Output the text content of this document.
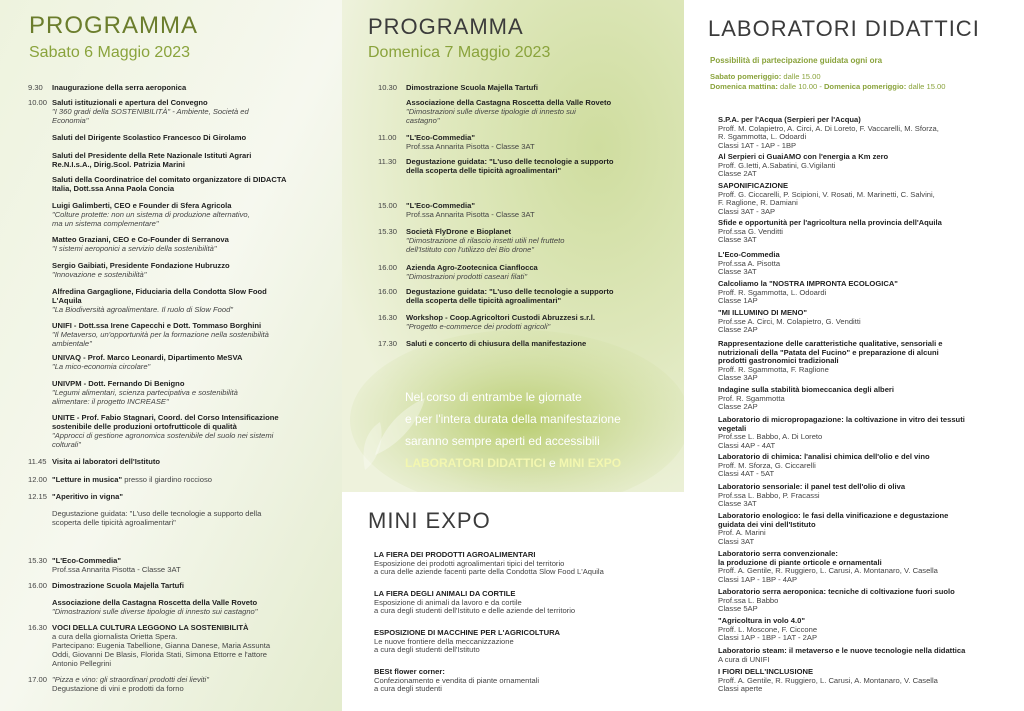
PROGRAMMA

Sabato 6 Maggio 2023

9.30 Inaugurazione della serra aeroponica
10.00 Saluti istituzionali e apertura del Convegno
"I 360 gradi della SOSTENIBILITÀ" - Ambiente, Società ed
Economia"
Saluti del Dirigente Scolastico Francesco Di Girolamo
Saluti del Presidente della Rete Nazionale Istituti Agrari
Re.N.I.s.A., Dirig.Scol. Patrizia Marini
Saluti della Coordinatrice del comitato organizzatore di DIDACTA
Italia, Dott.ssa Anna Paola Concia
Luigi Galimberti, CEO e Founder di Sfera Agricola
"Colture protette: non un sistema di produzione alternativo,
ma un sistema complementare"
Matteo Graziani, CEO e Co-Founder di Serranova
"I sistemi aeroponici a servizio della sostenibilità"
Sergio Gaibiati, Presidente Fondazione Hubruzzo
"Innovazione e sostenibilità"
Alfredina Gargaglione, Fiduciaria della Condotta Slow Food
L'Aquila
"La Biodiversità agroalimentare. Il ruolo di Slow Food"
UNIFI - Dott.ssa Irene Capecchi e Dott. Tommaso Borghini
"Il Metaverso, un'opportunità per la formazione nella sostenibilità
ambientale"
UNIVAQ - Prof. Marco Leonardi, Dipartimento MeSVA
"La mico-economia circolare"
UNIVPM - Dott. Fernando Di Benigno
"Legumi alimentari, scienza partecipativa e sostenibilità
alimentare: il progetto INCREASE"
UNITE - Prof. Fabio Stagnari, Coord. del Corso Intensificazione
sostenibile delle produzioni ortofrutticole di qualità
"Approcci di gestione agronomica sostenibile del suolo nei sistemi
colturali"
11.45 Visita ai laboratori dell'Istituto
12.00 "Letture in musica" presso il giardino roccioso
12.15 "Aperitivo in vigna"
Degustazione guidata: "L'uso delle tecnologie a supporto della
scoperta delle tipicità agroalimentari"
15.30 "L'Eco-Commedia"
Prof.ssa Annarita Pisotta - Classe 3AT
16.00 Dimostrazione Scuola Majella Tartufi
Associazione della Castagna Roscetta della Valle Roveto
"Dimostrazioni sulle diverse tipologie di innesto sui castagno"
16.30 VOCI DELLA CULTURA LEGGONO LA SOSTENIBILITÀ
a cura della giornalista Orietta Spera.
Partecipano: Eugenia Tabellione, Gianna Danese, Maria Assunta
Oddi, Giovanni De Blasis, Florida Stati, Simona Ettorre e l'attore
Antonio Pellegrini
17.00 "Pizza e vino: gli straordinari prodotti dei lieviti"
Degustazione di vini e prodotti da forno
PROGRAMMA

Domenica 7 Maggio 2023

10.30 Dimostrazione Scuola Majella Tartufi
Associazione della Castagna Roscetta della Valle Roveto
"Dimostrazioni sulle diverse tipologie di innesto sui
castagno"
11.00 "L'Eco-Commedia"
Prof.ssa Annarita Pisotta - Classe 3AT
11.30 Degustazione guidata: "L'uso delle tecnologie a supporto
della scoperta delle tipicità agroalimentari"
15.00 "L'Eco-Commedia"
Prof.ssa Annarita Pisotta - Classe 3AT
15.30 Società FlyDrone e Bioplanet
"Dimostrazione di rilascio insetti utili nel frutteto
dell'Istituto con l'utilizzo dei Bio drone"
16.00 Azienda Agro-Zootecnica Cianflocca
"Dimostrazioni prodotti caseari filati"
16.00 Degustazione guidata: "L'uso delle tecnologie a supporto
della scoperta delle tipicità agroalimentari"
16.30 Workshop - Coop.Agricoltori Custodi Abruzzesi s.r.l.
"Progetto e-commerce dei prodotti agricoli"
17.30 Saluti e concerto di chiusura della manifestazione
Nel corso di entrambe le giornate
e per l'intera durata della manifestazione
saranno sempre aperti ed accessibili
LABORATORI DIDATTICI e MINI EXPO
MINI EXPO
LA FIERA DEI PRODOTTI AGROALIMENTARI
Esposizione dei prodotti agroalimentari tipici del territorio
a cura delle aziende facenti parte della Condotta Slow Food L'Aquila
LA FIERA DEGLI ANIMALI DA CORTILE
Esposizione di animali da lavoro e da cortile
a cura degli studenti dell'Istituto e delle aziende del territorio
ESPOSIZIONE DI MACCHINE PER L'AGRICOLTURA
Le nuove frontiere della meccanizzazione
a cura degli studenti dell'Istituto
BESt flower corner:
Confezionamento e vendita di piante ornamentali
a cura degli studenti
LABORATORI DIDATTICI
Possibilità di partecipazione guidata ogni ora
Sabato pomeriggio: dalle 15.00
Domenica mattina: dalle 10.00 - Domenica pomeriggio: dalle 15.00
S.P.A. per l'Acqua (Serpieri per l'Acqua)
Proff. M. Colapietro, A. Circi, A. Di Loreto, F. Vaccarelli, M. Sforza,
R. Sgammotta, L. Odoardi
Classi 1AT - 1AP - 1BP
Al Serpieri ci GuaiAMO con l'energia a Km zero
Proff. G.Ietti, A.Sabatini, G.Vigilanti
Classe 2AT
SAPONIFICAZIONE
Proff. G. Ciccarelli, P. Scipioni, V. Rosati, M. Marinetti, C. Salvini,
F. Raglione, R. Damiani
Classi 3AT - 3AP
Sfide e opportunità per l'agricoltura nella provincia dell'Aquila
Prof.ssa G. Venditti
Classe 3AT
L'Eco-Commedia
Prof.ssa A. Pisotta
Classe 3AT
Calcoliamo la "NOSTRA IMPRONTA ECOLOGICA"
Proff. R. Sgammotta, L. Odoardi
Classe 1AP
"MI ILLUMINO DI MENO"
Prof.sse A. Circi, M. Colapietro, G. Venditti
Classe 2AP
Rappresentazione delle caratteristiche qualitative, sensoriali e
nutrizionali della "Patata del Fucino" e preparazione di alcuni
prodotti gastronomici tradizionali
Proff. R. Sgammotta, F. Raglione
Classe 3AP
Indagine sulla stabilità biomeccanica degli alberi
Prof. R. Sgammotta
Classe 2AP
Laboratorio di micropropagazione: la coltivazione in vitro dei tessuti
vegetali
Prof.sse L. Babbo, A. Di Loreto
Classi 4AP - 4AT
Laboratorio di chimica: l'analisi chimica dell'olio e del vino
Proff. M. Sforza, G. Ciccarelli
Classi 4AT - 5AT
Laboratorio sensoriale: il panel test dell'olio di oliva
Prof.ssa L. Babbo, P. Fracassi
Classe 3AT
Laboratorio enologico: le fasi della vinificazione e degustazione
guidata dei vini dell'Istituto
Prof. A. Marini
Classi 3AT
Laboratorio serra convenzionale:
la produzione di piante orticole e ornamentali
Proff. A. Gentile, R. Ruggiero, L. Carusi, A. Montanaro, V. Casella
Classi 1AP - 1BP - 4AP
Laboratorio serra aeroponica: tecniche di coltivazione fuori suolo
Prof.ssa L. Babbo
Classe 5AP
"Agricoltura in volo 4.0"
Proff. L. Moscone, F. Ciccone
Classi 1AP - 1BP - 1AT - 2AP
Laboratorio steam: il metaverso e le nuove tecnologie nella didattica
A cura di UNIFI
I FIORI DELL'INCLUSIONE
Proff. A. Gentile, R. Ruggiero, L. Carusi, A. Montanaro, V. Casella
Classi aperte
